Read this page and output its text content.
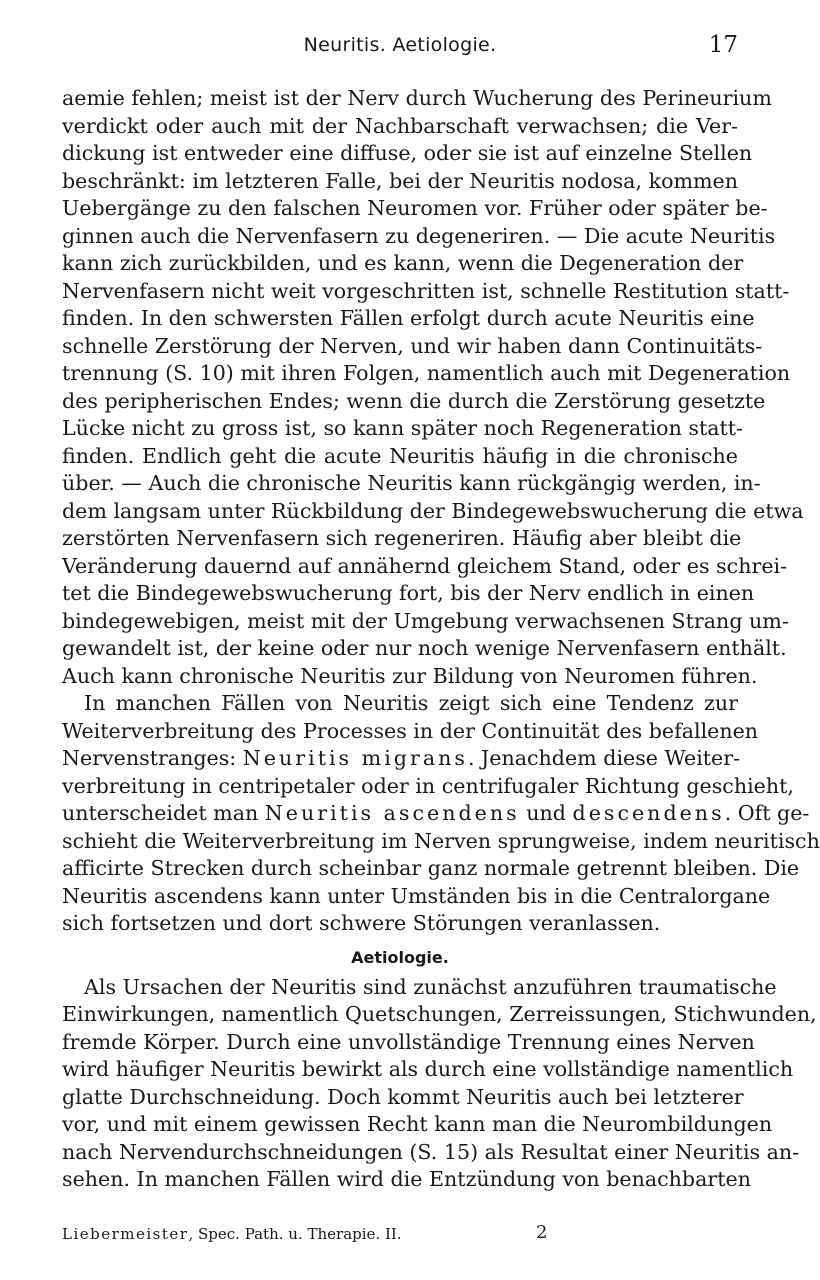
Neuritis. Aetiologie.	17
aemie fehlen; meist ist der Nerv durch Wucherung des Perineurium
verdickt oder auch mit der Nachbarschaft verwachsen; die Ver-
dickung ist entweder eine diffuse, oder sie ist auf einzelne Stellen
beschränkt: im letzteren Falle, bei der Neuritis nodosa, kommen
Uebergänge zu den falschen Neuromen vor. Früher oder später be-
ginnen auch die Nervenfasern zu degeneriren. — Die acute Neuritis
kann zich zurückbilden, und es kann, wenn die Degeneration der
Nervenfasern nicht weit vorgeschritten ist, schnelle Restitution statt-
finden. In den schwersten Fällen erfolgt durch acute Neuritis eine
schnelle Zerstörung der Nerven, und wir haben dann Continuitäts-
trennung (S. 10) mit ihren Folgen, namentlich auch mit Degeneration
des peripherischen Endes; wenn die durch die Zerstörung gesetzte
Lücke nicht zu gross ist, so kann später noch Regeneration statt-
finden. Endlich geht die acute Neuritis häufig in die chronische
über. — Auch die chronische Neuritis kann rückgängig werden, in-
dem langsam unter Rückbildung der Bindegewebswucherung die etwa
zerstörten Nervenfasern sich regeneriren. Häufig aber bleibt die
Veränderung dauernd auf annähernd gleichem Stand, oder es schrei-
tet die Bindegewebswucherung fort, bis der Nerv endlich in einen
bindegewebigen, meist mit der Umgebung verwachsenen Strang um-
gewandelt ist, der keine oder nur noch wenige Nervenfasern enthält.
Auch kann chronische Neuritis zur Bildung von Neuromen führen.
In manchen Fällen von Neuritis zeigt sich eine Tendenz zur
Weiterverbreitung des Processes in der Continuität des befallenen
Nervenstranges: Neuritis migrans. Jenachdem diese Weiter-
verbreitung in centripetaler oder in centrifugaler Richtung geschieht,
unterscheidet man Neuritis ascendens und descendens. Oft ge-
schieht die Weiterverbreitung im Nerven sprungweise, indem neuritisch
afficirte Strecken durch scheinbar ganz normale getrennt bleiben. Die
Neuritis ascendens kann unter Umständen bis in die Centralorgane
sich fortsetzen und dort schwere Störungen veranlassen.
Aetiologie.
Als Ursachen der Neuritis sind zunächst anzuführen traumatische
Einwirkungen, namentlich Quetschungen, Zerreissungen, Stichwunden,
fremde Körper. Durch eine unvollständige Trennung eines Nerven
wird häufiger Neuritis bewirkt als durch eine vollständige namentlich
glatte Durchschneidung. Doch kommt Neuritis auch bei letzterer
vor, und mit einem gewissen Recht kann man die Neurombildungen
nach Nervendurchschneidungen (S. 15) als Resultat einer Neuritis an-
sehen. In manchen Fällen wird die Entzündung von benachbarten
Liebermeister, Spec. Path. u. Therapie. II.	2
